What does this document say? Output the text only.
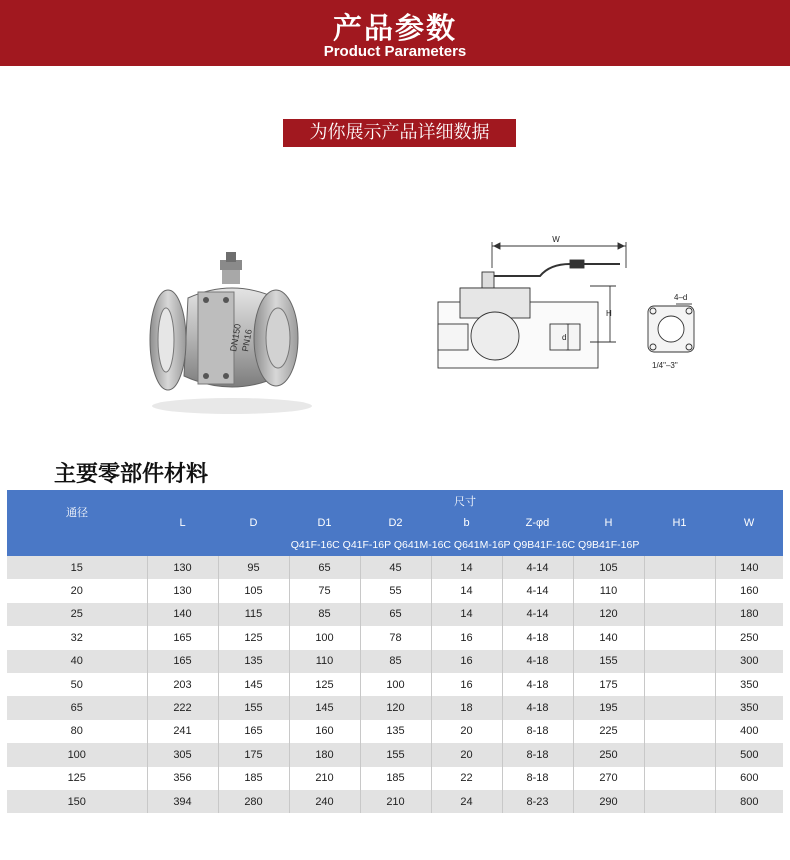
产品参数
Product Parameters
为你展示产品详细数据
DN150
PN16
W
H
d
4–d
1/4"–3"
主要零部件材料
通径	尺寸								
	L	D	D1	D2	b	Z-φd	H	H1	W
	Q41F-16C Q41F-16P Q641M-16C Q641M-16P Q9B41F-16C Q9B41F-16P								
15	130	95	65	45	14	4-14	105		140
20	130	105	75	55	14	4-14	110		160
25	140	115	85	65	14	4-14	120		180
32	165	125	100	78	16	4-18	140		250
40	165	135	110	85	16	4-18	155		300
50	203	145	125	100	16	4-18	175		350
65	222	155	145	120	18	4-18	195		350
80	241	165	160	135	20	8-18	225		400
100	305	175	180	155	20	8-18	250		500
125	356	185	210	185	22	8-18	270		600
150	394	280	240	210	24	8-23	290		800
